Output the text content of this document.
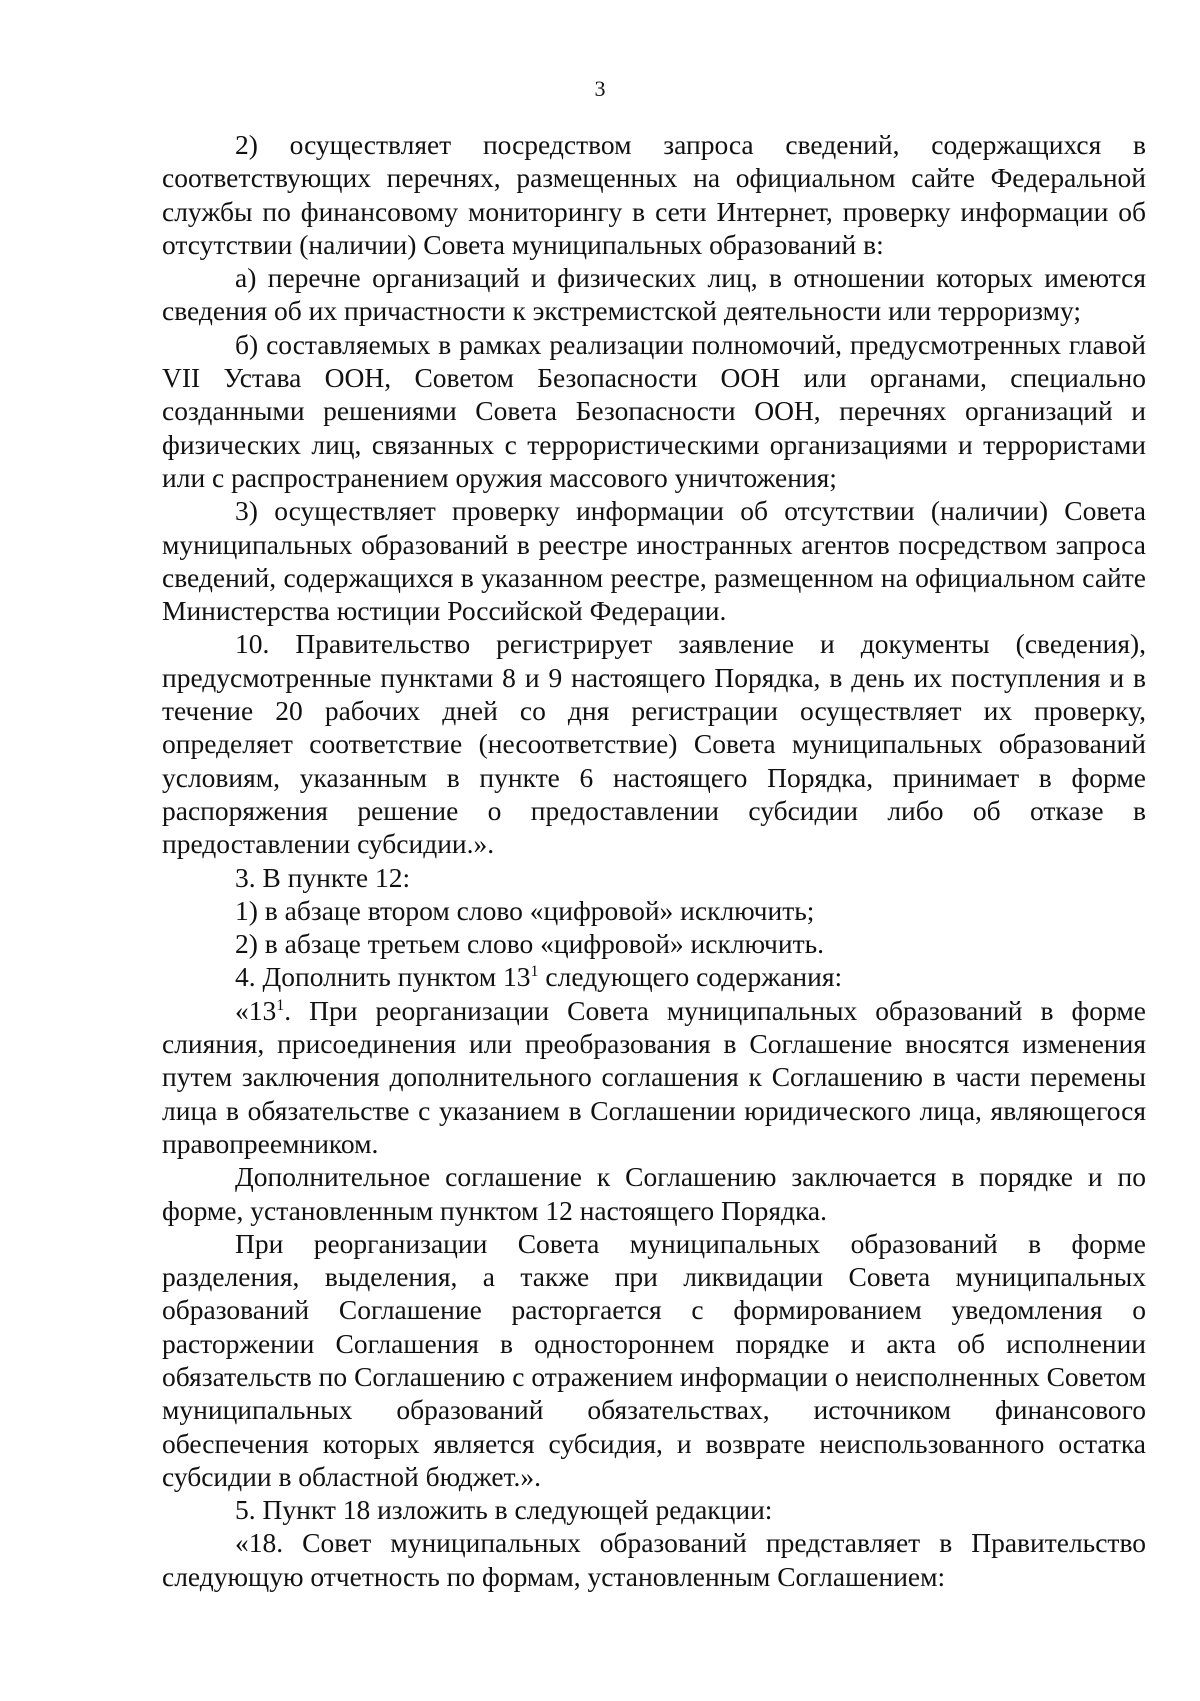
3

2) осуществляет посредством запроса сведений, содержащихся в соответствующих перечнях, размещенных на официальном сайте Федеральной службы по финансовому мониторингу в сети Интернет, проверку информации об отсутствии (наличии) Совета муниципальных образований в:

а) перечне организаций и физических лиц, в отношении которых имеются сведения об их причастности к экстремистской деятельности или терроризму;

б) составляемых в рамках реализации полномочий, предусмотренных главой VII Устава ООН, Советом Безопасности ООН или органами, специально созданными решениями Совета Безопасности ООН, перечнях организаций и физических лиц, связанных с террористическими организациями и террористами или с распространением оружия массового уничтожения;

3) осуществляет проверку информации об отсутствии (наличии) Совета муниципальных образований в реестре иностранных агентов посредством запроса сведений, содержащихся в указанном реестре, размещенном на официальном сайте Министерства юстиции Российской Федерации.

10. Правительство регистрирует заявление и документы (сведения), предусмотренные пунктами 8 и 9 настоящего Порядка, в день их поступления и в течение 20 рабочих дней со дня регистрации осуществляет их проверку, определяет соответствие (несоответствие) Совета муниципальных образований условиям, указанным в пункте 6 настоящего Порядка, принимает в форме распоряжения решение о предоставлении субсидии либо об отказе в предоставлении субсидии.».

3. В пункте 12:

1) в абзаце втором слово «цифровой» исключить;

2) в абзаце третьем слово «цифровой» исключить.

4. Дополнить пунктом $13^1$ следующего содержания:

«$13^1$. При реорганизации Совета муниципальных образований в форме слияния, присоединения или преобразования в Соглашение вносятся изменения путем заключения дополнительного соглашения к Соглашению в части перемены лица в обязательстве с указанием в Соглашении юридического лица, являющегося правопреемником.

Дополнительное соглашение к Соглашению заключается в порядке и по форме, установленным пунктом 12 настоящего Порядка.

При реорганизации Совета муниципальных образований в форме разделения, выделения, а также при ликвидации Совета муниципальных образований Соглашение расторгается с формированием уведомления о расторжении Соглашения в одностороннем порядке и акта об исполнении обязательств по Соглашению с отражением информации о неисполненных Советом муниципальных образований обязательствах, источником финансового обеспечения которых является субсидия, и возврате неиспользованного остатка субсидии в областной бюджет.».

5. Пункт 18 изложить в следующей редакции:

«18. Совет муниципальных образований представляет в Правительство следующую отчетность по формам, установленным Соглашением:
